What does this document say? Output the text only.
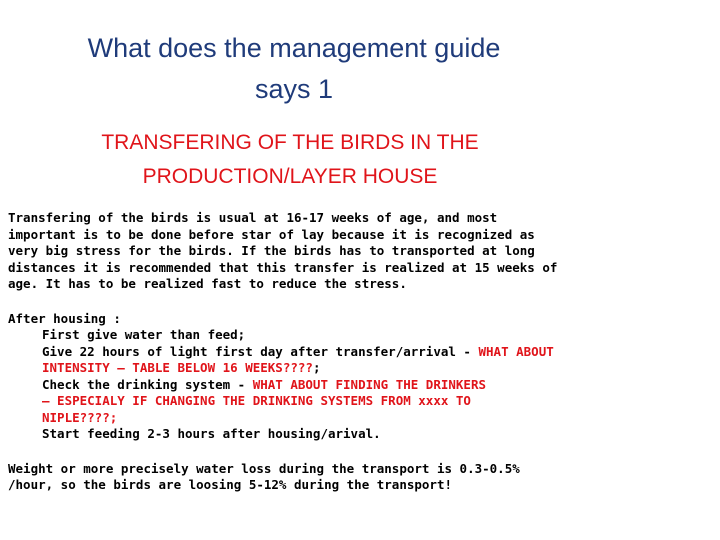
What does the management guide
says 1
TRANSFERING OF THE BIRDS IN THE
PRODUCTION/LAYER HOUSE

Transfering of the birds is usual at 16-17 weeks of age, and most
important is to be done before star of lay because it is recognized as
very big stress for the birds. If the birds has to transported at long
distances it is recommended that this transfer is realized at 15 weeks of
age. It has to be realized fast to reduce the stress.

After housing :
First give water than feed;
Give 22 hours of light first day after transfer/arrival - WHAT ABOUT
INTENSITY – TABLE BELOW 16 WEEKS????;
Check the drinking system - WHAT ABOUT FINDING THE DRINKERS
– ESPECIALY IF CHANGING THE DRINKING SYSTEMS FROM xxxx TO
NIPLE????;
Start feeding 2-3 hours after housing/arival.

Weight or more precisely water loss during the transport is 0.3-0.5%
/hour, so the birds are loosing 5-12% during the transport!
